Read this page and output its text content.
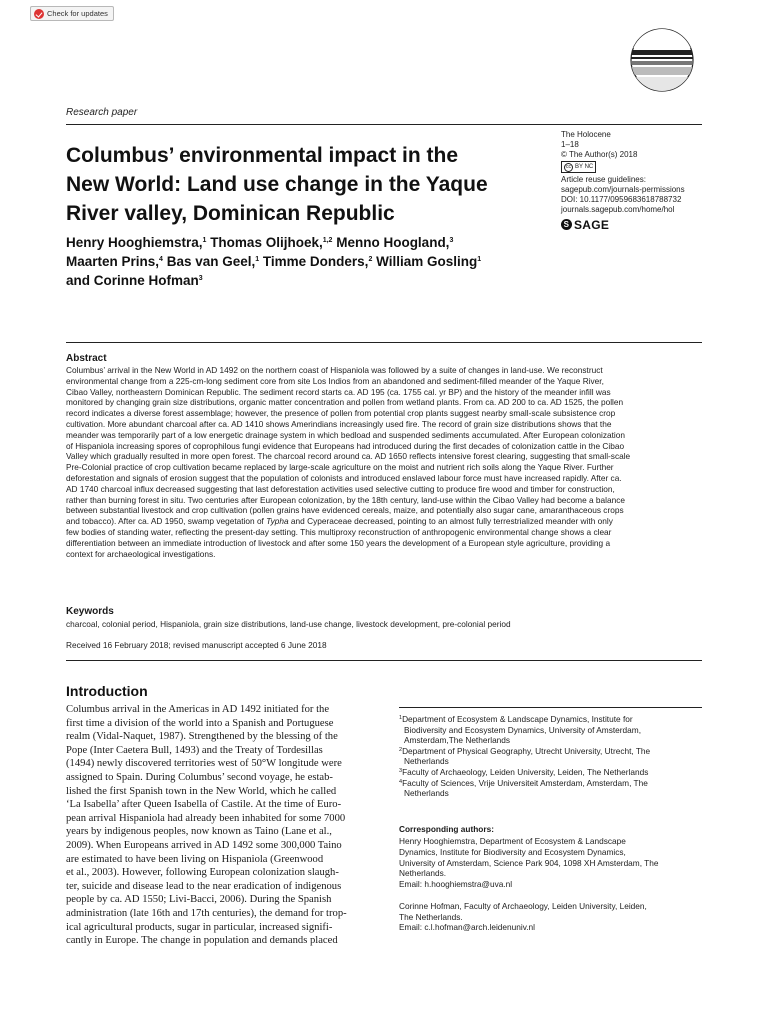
Check for updates
Research paper
Columbus’ environmental impact in the
New World: Land use change in the Yaque
River valley, Dominican Republic
The Holocene
1–18
© The Author(s) 2018
cc BY NC
Article reuse guidelines:
sagepub.com/journals-permissions
DOI: 10.1177/0959683618788732
journals.sagepub.com/home/hol
S SAGE
Henry Hooghiemstra,$^1$ Thomas Olijhoek,$^{1,2}$ Menno Hoogland,$^3$
Maarten Prins,$^4$ Bas van Geel,$^1$ Timme Donders,$^2$ William Gosling$^1$
and Corinne Hofman$^3$
Abstract
Columbus’ arrival in the New World in AD 1492 on the northern coast of Hispaniola was followed by a suite of changes in land-use. We reconstruct
environmental change from a 225-cm-long sediment core from site Los Indios from an abandoned and sediment-filled meander of the Yaque River,
Cibao Valley, northeastern Dominican Republic. The sediment record starts ca. AD 195 (ca. 1755 cal. yr BP) and the history of the meander infill was
monitored by changing grain size distributions, organic matter concentration and pollen from wetland plants. From ca. AD 200 to ca. AD 1525, the pollen
record indicates a diverse forest assemblage; however, the presence of pollen from potential crop plants suggest nearby small-scale subsistence crop
cultivation. More abundant charcoal after ca. AD 1410 shows Amerindians increasingly used fire. The record of grain size distributions shows that the
meander was temporarily part of a low energetic drainage system in which bedload and suspended sediments accumulated. After European colonization
of Hispaniola increasing spores of coprophilous fungi evidence that Europeans had introduced during the first decades of colonization cattle in the Cibao
Valley which gradually resulted in more open forest. The charcoal record around ca. AD 1650 reflects intensive forest clearing, suggesting that small-scale
Pre-Colonial practice of crop cultivation became replaced by large-scale agriculture on the moist and nutrient rich soils along the Yaque River. Further
deforestation and signals of erosion suggest that the population of colonists and introduced enslaved labour force must have increased rapidly. After ca.
AD 1740 charcoal influx decreased suggesting that last deforestation activities used selective cutting to produce fire wood and timber for construction,
rather than burning forest in situ. Two centuries after European colonization, by the 18th century, land-use within the Cibao Valley had become a balance
between substantial livestock and crop cultivation (pollen grains have evidenced cereals, maize, and potentially also sugar cane, amaranthaceous crops
and tobacco). After ca. AD 1950, swamp vegetation of Typha and Cyperaceae decreased, pointing to an almost fully terrestrialized meander with only
few bodies of standing water, reflecting the present-day setting. This multiproxy reconstruction of anthropogenic environmental change shows a clear
differentiation between an immediate introduction of livestock and after some 150 years the development of a European style agriculture, providing a
context for archaeological investigations.
Keywords
charcoal, colonial period, Hispaniola, grain size distributions, land-use change, livestock development, pre-colonial period
Received 16 February 2018; revised manuscript accepted 6 June 2018
Introduction
Columbus arrival in the Americas in AD 1492 initiated for the
first time a division of the world into a Spanish and Portuguese
realm (Vidal-Naquet, 1987). Strengthened by the blessing of the
Pope (Inter Caetera Bull, 1493) and the Treaty of Tordesillas
(1494) newly discovered territories west of 50°W longitude were
assigned to Spain. During Columbus’ second voyage, he estab-
lished the first Spanish town in the New World, which he called
‘La Isabella’ after Queen Isabella of Castile. At the time of Euro-
pean arrival Hispaniola had already been inhabited for some 7000
years by indigenous peoples, now known as Taino (Lane et al.,
2009). When Europeans arrived in AD 1492 some 300,000 Taino
are estimated to have been living on Hispaniola (Greenwood
et al., 2003). However, following European colonization slaugh-
ter, suicide and disease lead to the near eradication of indigenous
people by ca. AD 1550; Livi-Bacci, 2006). During the Spanish
administration (late 16th and 17th centuries), the demand for trop-
ical agricultural products, sugar in particular, increased signifi-
cantly in Europe. The change in population and demands placed
$^1$Department of Ecosystem & Landscape Dynamics, Institute for
Biodiversity and Ecosystem Dynamics, University of Amsterdam,
Amsterdam,The Netherlands
$^2$Department of Physical Geography, Utrecht University, Utrecht, The
Netherlands
$^3$Faculty of Archaeology, Leiden University, Leiden, The Netherlands
$^4$Faculty of Sciences, Vrije Universiteit Amsterdam, Amsterdam, The
Netherlands
Corresponding authors:
Henry Hooghiemstra, Department of Ecosystem & Landscape
Dynamics, Institute for Biodiversity and Ecosystem Dynamics,
University of Amsterdam, Science Park 904, 1098 XH Amsterdam, The
Netherlands.
Email: h.hooghiemstra@uva.nl
Corinne Hofman, Faculty of Archaeology, Leiden University, Leiden,
The Netherlands.
Email: c.l.hofman@arch.leidenuniv.nl
